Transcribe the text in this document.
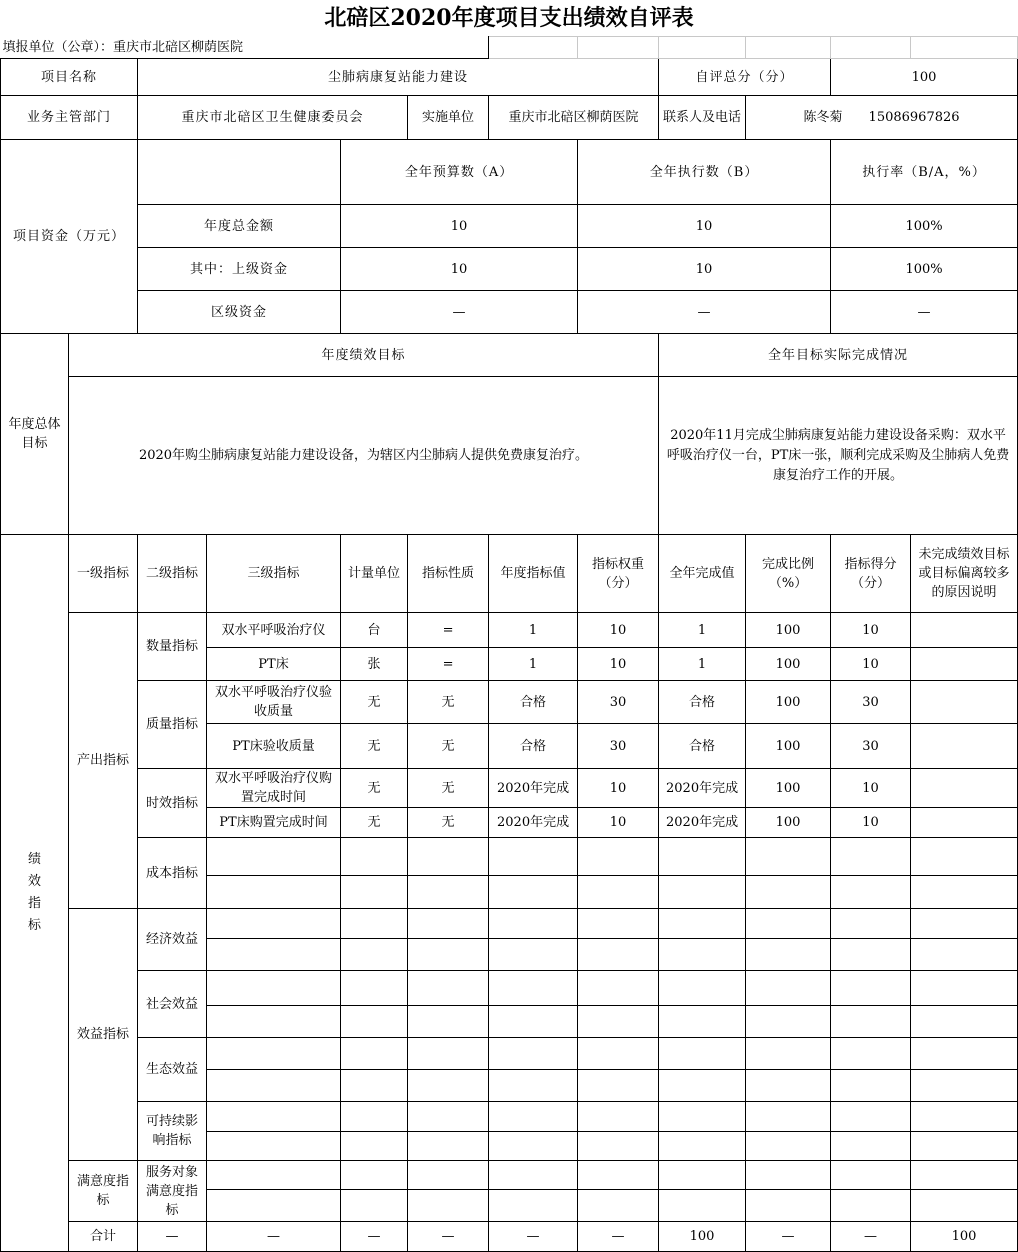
北碚区2020年度项目支出绩效自评表
填报单位（公章）：重庆市北碚区柳荫医院												
项目名称		尘肺病康复站能力建设						自评总分（分）		100		
业务主管部门		重庆市北碚区卫生健康委员会			实施单位	重庆市北碚区柳荫医院		联系人及电话	陈冬菊　　15086967826			
项目资金（万元）				全年预算数（A）			全年执行数（B）			执行率（B/A，%）		
		年度总金额		10			10			100%		
		其中：上级资金		10			10			100%		
		区级资金		—			—			—		
年度总体目标	年度绩效目标							全年目标实际完成情况				
	2020年购尘肺病康复站能力建设设备，为辖区内尘肺病人提供免费康复治疗。							2020年11月完成尘肺病康复站能力建设设备采购：双水平呼吸治疗仪一台，PT床一张，顺利完成采购及尘肺病人免费康复治疗工作的开展。				
绩效指标	一级指标	二级指标	三级指标	计量单位	指标性质	年度指标值	指标权重（分）	全年完成值	完成比例（%）	指标得分（分）	未完成绩效目标或目标偏离较多的原因说明	
	产出指标	数量指标	双水平呼吸治疗仪	台	=	1	10	1	100	10		
			PT床	张	=	1	10	1	100	10		
		质量指标	双水平呼吸治疗仪验收质量	无	无	合格	30	合格	100	30		
			PT床验收质量	无	无	合格	30	合格	100	30		
		时效指标	双水平呼吸治疗仪购置完成时间	无	无	2020年完成	10	2020年完成	100	10		
			PT床购置完成时间	无	无	2020年完成	10	2020年完成	100	10		
		成本指标										

	效益指标	经济效益										

		社会效益										

		生态效益										

		可持续影响指标										

	满意度指标	服务对象满意度指标										

	合计	—	—	—	—	—	—	100	—	—	100	
